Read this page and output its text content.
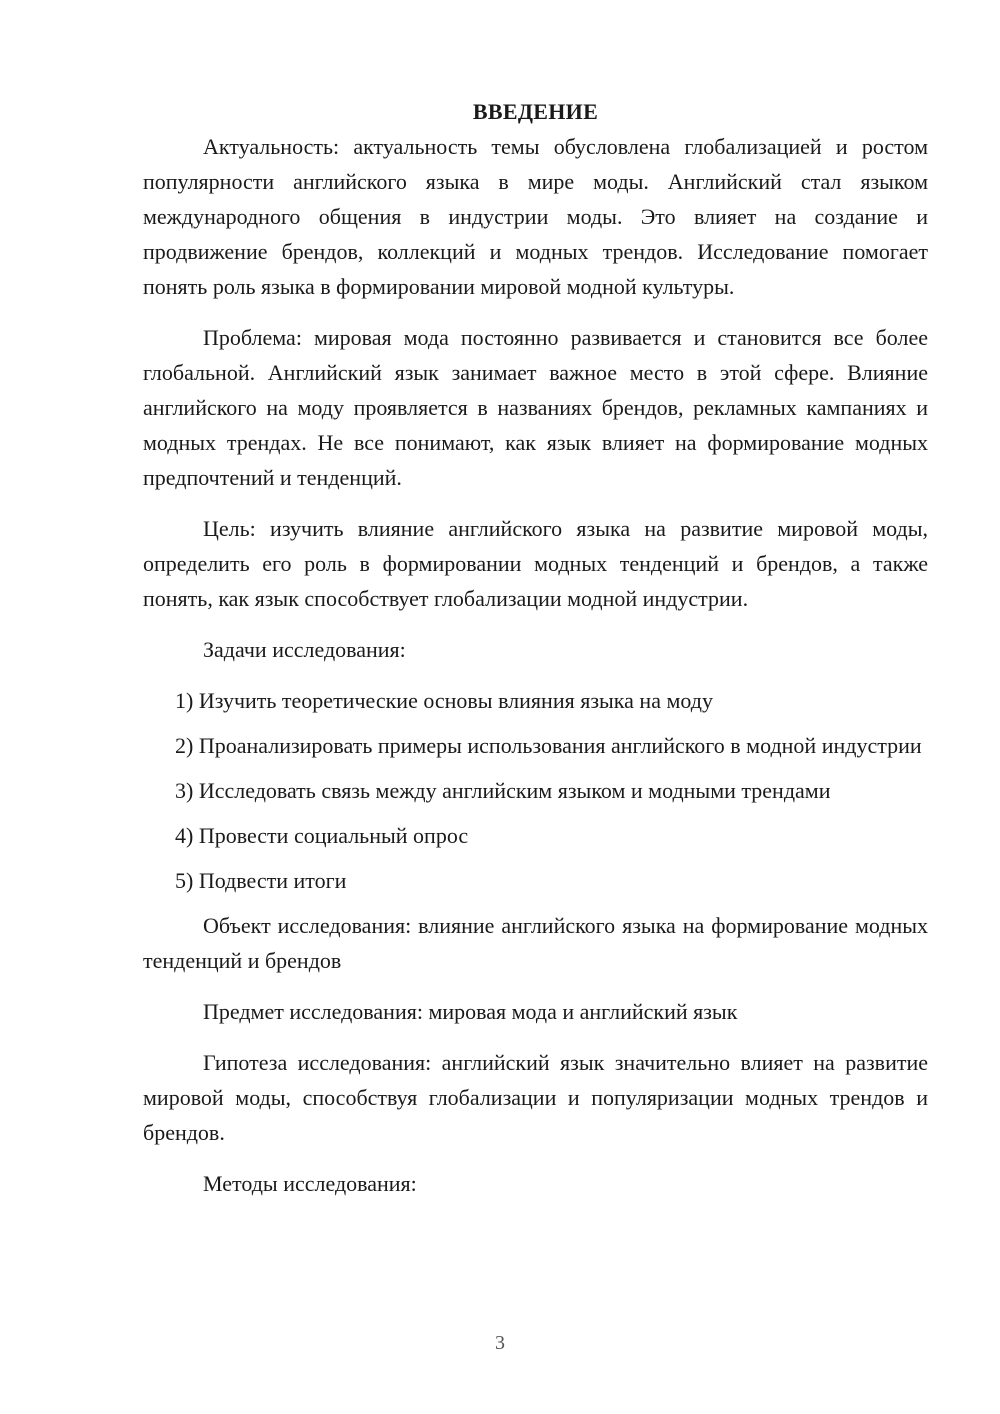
ВВЕДЕНИЕ

Актуальность: актуальность темы обусловлена глобализацией и ростом популярности английского языка в мире моды. Английский стал языком международного общения в индустрии моды. Это влияет на создание и продвижение брендов, коллекций и модных трендов. Исследование помогает понять роль языка в формировании мировой модной культуры.

Проблема: мировая мода постоянно развивается и становится все более глобальной. Английский язык занимает важное место в этой сфере. Влияние английского на моду проявляется в названиях брендов, рекламных кампаниях и модных трендах. Не все понимают, как язык влияет на формирование модных предпочтений и тенденций.

Цель: изучить влияние английского языка на развитие мировой моды, определить его роль в формировании модных тенденций и брендов, а также понять, как язык способствует глобализации модной индустрии.

Задачи исследования:

1) Изучить теоретические основы влияния языка на моду

2) Проанализировать примеры использования английского в модной индустрии

3) Исследовать связь между английским языком и модными трендами

4) Провести социальный опрос

5) Подвести итоги

Объект исследования: влияние английского языка на формирование модных тенденций и брендов

Предмет исследования: мировая мода и английский язык

Гипотеза исследования: английский язык значительно влияет на развитие мировой моды, способствуя глобализации и популяризации модных трендов и брендов.

Методы исследования:

3
